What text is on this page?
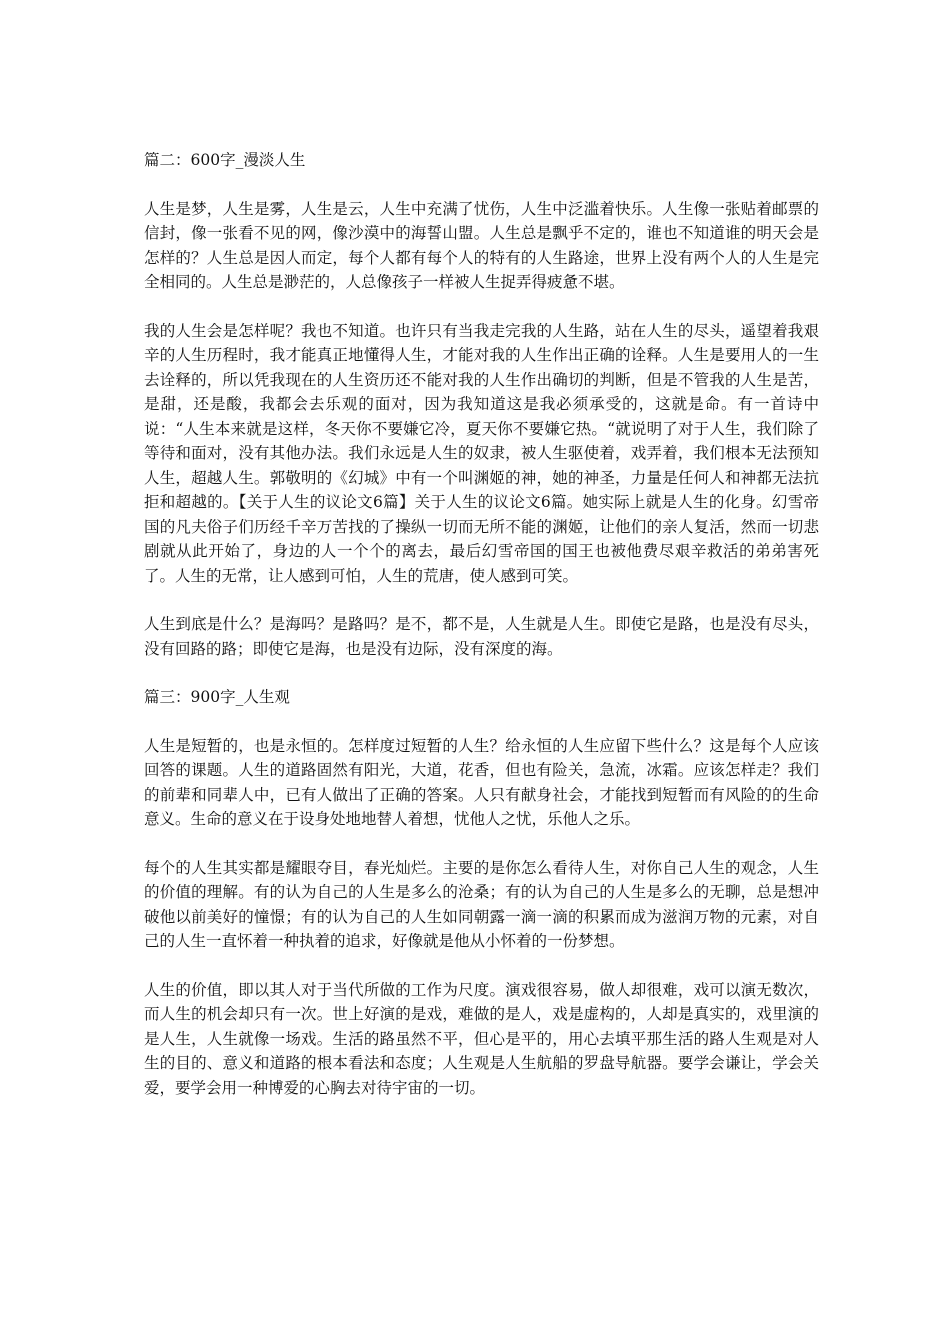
篇二：600字_漫淡人生
人生是梦，人生是雾，人生是云，人生中充满了忧伤，人生中泛滥着快乐。人生像一张贴着邮票的信封，像一张看不见的网，像沙漠中的海誓山盟。人生总是飘乎不定的，谁也不知道谁的明天会是怎样的？人生总是因人而定，每个人都有每个人的特有的人生路途，世界上没有两个人的人生是完全相同的。人生总是渺茫的，人总像孩子一样被人生捉弄得疲惫不堪。
我的人生会是怎样呢？我也不知道。也许只有当我走完我的人生路，站在人生的尽头，遥望着我艰辛的人生历程时，我才能真正地懂得人生，才能对我的人生作出正确的诠释。人生是要用人的一生去诠释的，所以凭我现在的人生资历还不能对我的人生作出确切的判断，但是不管我的人生是苦，是甜，还是酸，我都会去乐观的面对，因为我知道这是我必须承受的，这就是命。有一首诗中说：“人生本来就是这样，冬天你不要嫌它冷，夏天你不要嫌它热。“就说明了对于人生，我们除了等待和面对，没有其他办法。我们永远是人生的奴隶，被人生驱使着，戏弄着，我们根本无法预知人生，超越人生。郭敬明的《幻城》中有一个叫渊姬的神，她的神圣，力量是任何人和神都无法抗拒和超越的。【关于人生的议论文6篇】关于人生的议论文6篇。她实际上就是人生的化身。幻雪帝国的凡夫俗子们历经千辛万苦找的了操纵一切而无所不能的渊姬，让他们的亲人复活，然而一切悲剧就从此开始了，身边的人一个个的离去，最后幻雪帝国的国王也被他费尽艰辛救活的弟弟害死了。人生的无常，让人感到可怕，人生的荒唐，使人感到可笑。
人生到底是什么？是海吗？是路吗？是不，都不是，人生就是人生。即使它是路，也是没有尽头，没有回路的路；即使它是海，也是没有边际，没有深度的海。
篇三：900字_人生观
人生是短暂的，也是永恒的。怎样度过短暂的人生？给永恒的人生应留下些什么？这是每个人应该回答的课题。人生的道路固然有阳光，大道，花香，但也有险关，急流，冰霜。应该怎样走？我们的前辈和同辈人中，已有人做出了正确的答案。人只有献身社会，才能找到短暂而有风险的的生命意义。生命的意义在于设身处地地替人着想，忧他人之忧，乐他人之乐。
每个的人生其实都是耀眼夺目，春光灿烂。主要的是你怎么看待人生，对你自己人生的观念，人生的价值的理解。有的认为自己的人生是多么的沧桑；有的认为自己的人生是多么的无聊，总是想冲破他以前美好的憧憬；有的认为自己的人生如同朝露一滴一滴的积累而成为滋润万物的元素，对自己的人生一直怀着一种执着的追求，好像就是他从小怀着的一份梦想。
人生的价值，即以其人对于当代所做的工作为尺度。演戏很容易，做人却很难，戏可以演无数次，而人生的机会却只有一次。世上好演的是戏，难做的是人，戏是虚构的，人却是真实的，戏里演的是人生，人生就像一场戏。生活的路虽然不平，但心是平的，用心去填平那生活的路人生观是对人生的目的、意义和道路的根本看法和态度；人生观是人生航船的罗盘导航器。要学会谦让，学会关爱，要学会用一种博爱的心胸去对待宇宙的一切。
